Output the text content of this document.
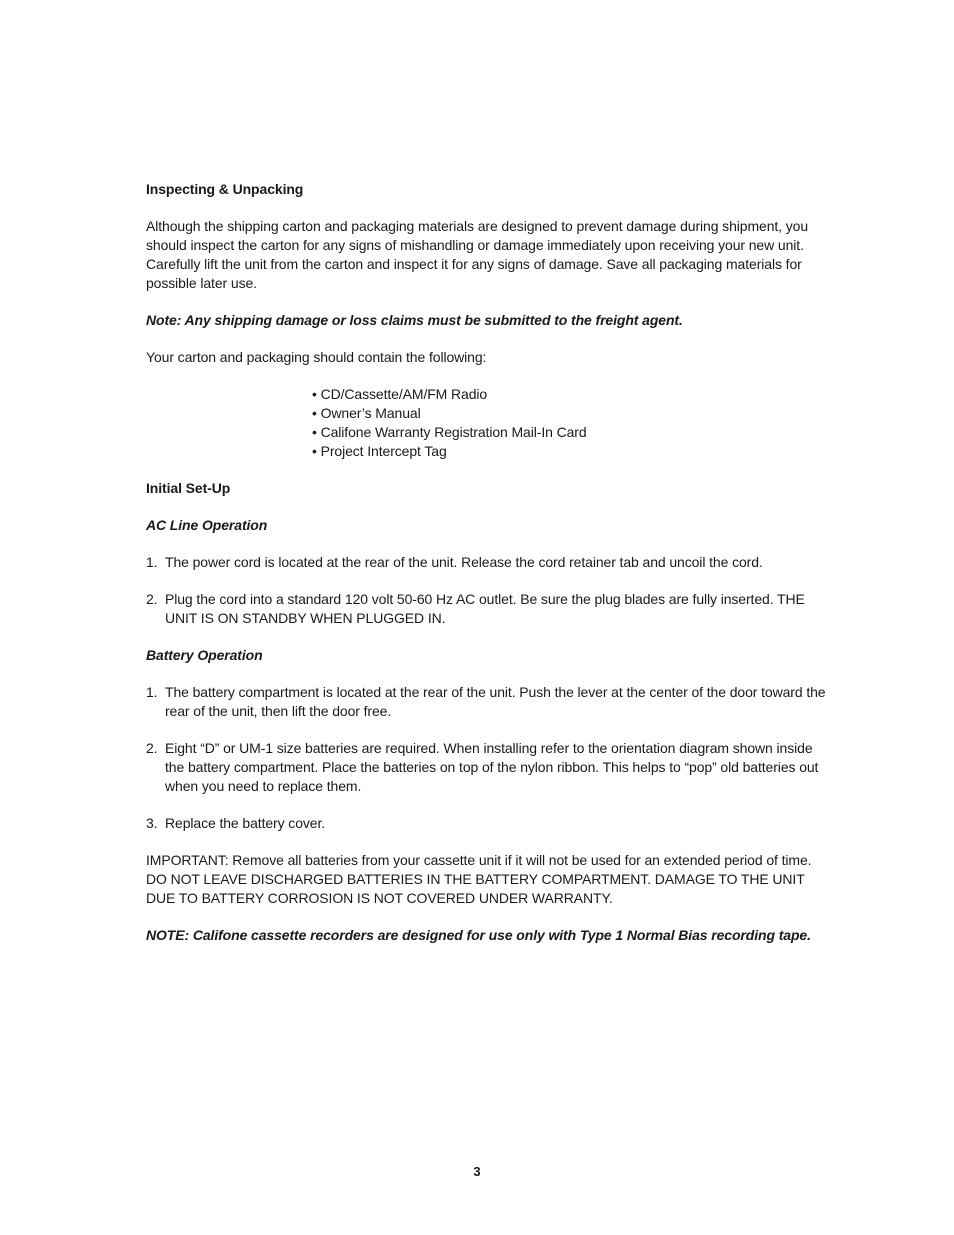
Inspecting & Unpacking

Although the shipping carton and packaging materials are designed to prevent damage during shipment, you should inspect the carton for any signs of mishandling or damage immediately upon receiving your new unit. Carefully lift the unit from the carton and inspect it for any signs of damage. Save all packaging materials for possible later use.

Note: Any shipping damage or loss claims must be submitted to the freight agent.

Your carton and packaging should contain the following:

• CD/Cassette/AM/FM Radio
• Owner’s Manual
• Califone Warranty Registration Mail-In Card
• Project Intercept Tag

Initial Set-Up

AC Line Operation

1. The power cord is located at the rear of the unit. Release the cord retainer tab and uncoil the cord.
2. Plug the cord into a standard 120 volt 50-60 Hz AC outlet. Be sure the plug blades are fully inserted. THE UNIT IS ON STANDBY WHEN PLUGGED IN.

Battery Operation

1. The battery compartment is located at the rear of the unit. Push the lever at the center of the door toward the rear of the unit, then lift the door free.
2. Eight “D” or UM-1 size batteries are required. When installing refer to the orientation diagram shown inside the battery compartment. Place the batteries on top of the nylon ribbon. This helps to “pop” old batteries out when you need to replace them.
3. Replace the battery cover.

IMPORTANT: Remove all batteries from your cassette unit if it will not be used for an extended period of time. DO NOT LEAVE DISCHARGED BATTERIES IN THE BATTERY COMPARTMENT. DAMAGE TO THE UNIT DUE TO BATTERY CORROSION IS NOT COVERED UNDER WARRANTY.

NOTE: Califone cassette recorders are designed for use only with Type 1 Normal Bias recording tape.

3
